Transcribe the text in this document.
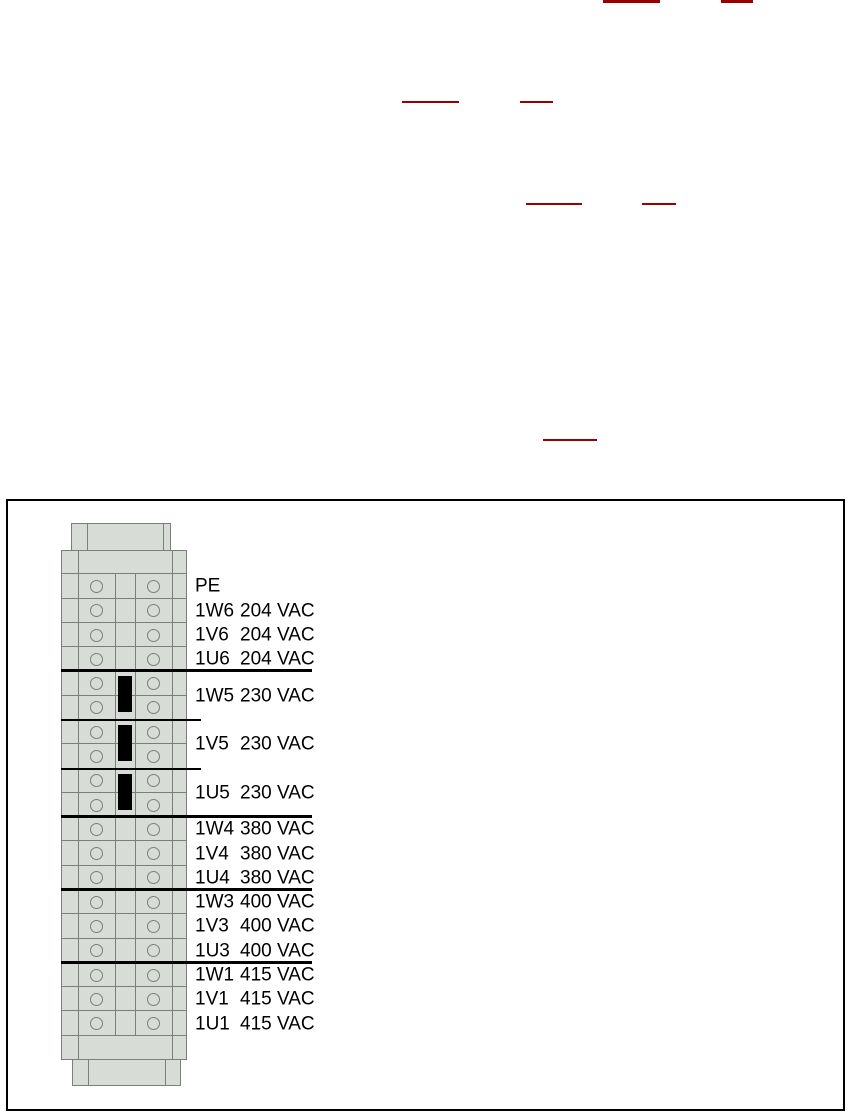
PE
1W6 204 VAC
1V6 204 VAC
1U6 204 VAC
1W5 230 VAC
1V5 230 VAC
1U5 230 VAC
1W4 380 VAC
1V4 380 VAC
1U4 380 VAC
1W3 400 VAC
1V3 400 VAC
1U3 400 VAC
1W1 415 VAC
1V1 415 VAC
1U1 415 VAC
